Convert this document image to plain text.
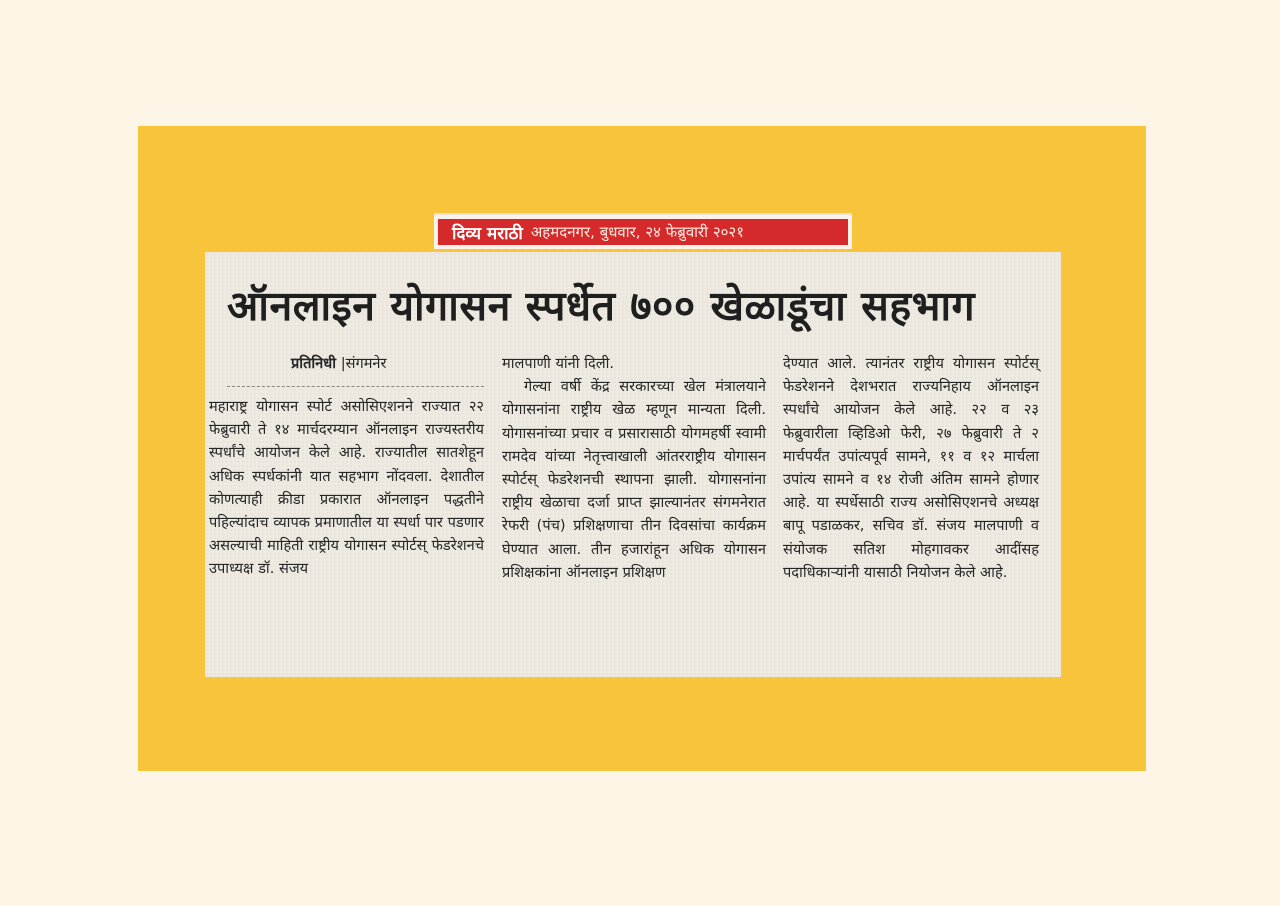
दिव्य मराठी अहमदनगर, बुधवार, २४ फेब्रुवारी २०२१
ऑनलाइन योगासन स्पर्धेत ७०० खेळाडूंचा सहभाग
प्रतिनिधी |संगमनेर

महाराष्ट्र योगासन स्पोर्ट असोसिएशनने राज्यात २२ फेब्रुवारी ते १४ मार्चदरम्यान ऑनलाइन राज्यस्तरीय स्पर्धांचे आयोजन केले आहे. राज्यातील सातशेहून अधिक स्पर्धकांनी यात सहभाग नोंदवला. देशातील कोणत्याही क्रीडा प्रकारात ऑनलाइन पद्धतीने पहिल्यांदाच व्यापक प्रमाणातील या स्पर्धा पार पडणार असल्याची माहिती राष्ट्रीय योगासन स्पोर्टस् फेडरेशनचे उपाध्यक्ष डॉ. संजय

मालपाणी यांनी दिली.

गेल्या वर्षी केंद्र सरकारच्या खेल मंत्रालयाने योगासनांना राष्ट्रीय खेळ म्हणून मान्यता दिली. योगासनांच्या प्रचार व प्रसारासाठी योगमहर्षी स्वामी रामदेव यांच्या नेतृत्त्वाखाली आंतरराष्ट्रीय योगासन स्पोर्टस् फेडरेशनची स्थापना झाली. योगासनांना राष्ट्रीय खेळाचा दर्जा प्राप्त झाल्यानंतर संगमनेरात रेफरी (पंच) प्रशिक्षणाचा तीन दिवसांचा कार्यक्रम घेण्यात आला. तीन हजारांहून अधिक योगासन प्रशिक्षकांना ऑनलाइन प्रशिक्षण

देण्यात आले. त्यानंतर राष्ट्रीय योगासन स्पोर्टस् फेडरेशनने देशभरात राज्यनिहाय ऑनलाइन स्पर्धांचे आयोजन केले आहे. २२ व २३ फेब्रुवारीला व्हिडिओ फेरी, २७ फेब्रुवारी ते २ मार्चपर्यंत उपांत्यपूर्व सामने, ११ व १२ मार्चला उपांत्य सामने व १४ रोजी अंतिम सामने होणार आहे. या स्पर्धेसाठी राज्य असोसिएशनचे अध्यक्ष बापू पडाळकर, सचिव डॉ. संजय मालपाणी व संयोजक सतिश मोहगावकर आदींसह पदाधिकाऱ्यांनी यासाठी नियोजन केले आहे.
